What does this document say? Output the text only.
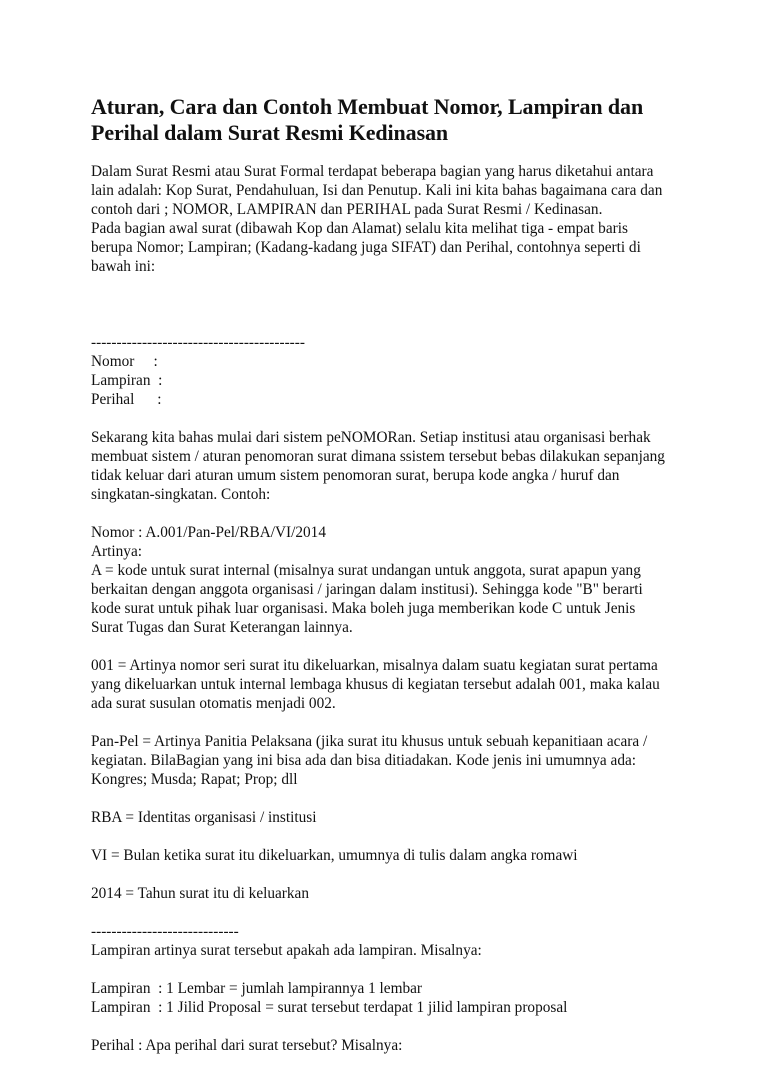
Aturan, Cara dan Contoh Membuat Nomor, Lampiran dan
Perihal dalam Surat Resmi Kedinasan

Dalam Surat Resmi atau Surat Formal terdapat beberapa bagian yang harus diketahui antara
lain adalah: Kop Surat, Pendahuluan, Isi dan Penutup. Kali ini kita bahas bagaimana cara dan
contoh dari ; NOMOR, LAMPIRAN dan PERIHAL pada Surat Resmi / Kedinasan.
Pada bagian awal surat (dibawah Kop dan Alamat) selalu kita melihat tiga - empat baris
berupa Nomor; Lampiran; (Kadang-kadang juga SIFAT) dan Perihal, contohnya seperti di
bawah ini:

------------------------------------------
Nomor     :
Lampiran  :
Perihal      :

Sekarang kita bahas mulai dari sistem peNOMORan. Setiap institusi atau organisasi berhak
membuat sistem / aturan penomoran surat dimana ssistem tersebut bebas dilakukan sepanjang
tidak keluar dari aturan umum sistem penomoran surat, berupa kode angka / huruf dan
singkatan-singkatan. Contoh:

Nomor : A.001/Pan-Pel/RBA/VI/2014
Artinya:
A = kode untuk surat internal (misalnya surat undangan untuk anggota, surat apapun yang
berkaitan dengan anggota organisasi / jaringan dalam institusi). Sehingga kode "B" berarti
kode surat untuk pihak luar organisasi. Maka boleh juga memberikan kode C untuk Jenis
Surat Tugas dan Surat Keterangan lainnya.

001 = Artinya nomor seri surat itu dikeluarkan, misalnya dalam suatu kegiatan surat pertama
yang dikeluarkan untuk internal lembaga khusus di kegiatan tersebut adalah 001, maka kalau
ada surat susulan otomatis menjadi 002.

Pan-Pel = Artinya Panitia Pelaksana (jika surat itu khusus untuk sebuah kepanitiaan acara /
kegiatan. BilaBagian yang ini bisa ada dan bisa ditiadakan. Kode jenis ini umumnya ada:
Kongres; Musda; Rapat; Prop; dll

RBA = Identitas organisasi / institusi

VI = Bulan ketika surat itu dikeluarkan, umumnya di tulis dalam angka romawi

2014 = Tahun surat itu di keluarkan

-----------------------------
Lampiran artinya surat tersebut apakah ada lampiran. Misalnya:

Lampiran  : 1 Lembar = jumlah lampirannya 1 lembar
Lampiran  : 1 Jilid Proposal = surat tersebut terdapat 1 jilid lampiran proposal

Perihal : Apa perihal dari surat tersebut? Misalnya:
